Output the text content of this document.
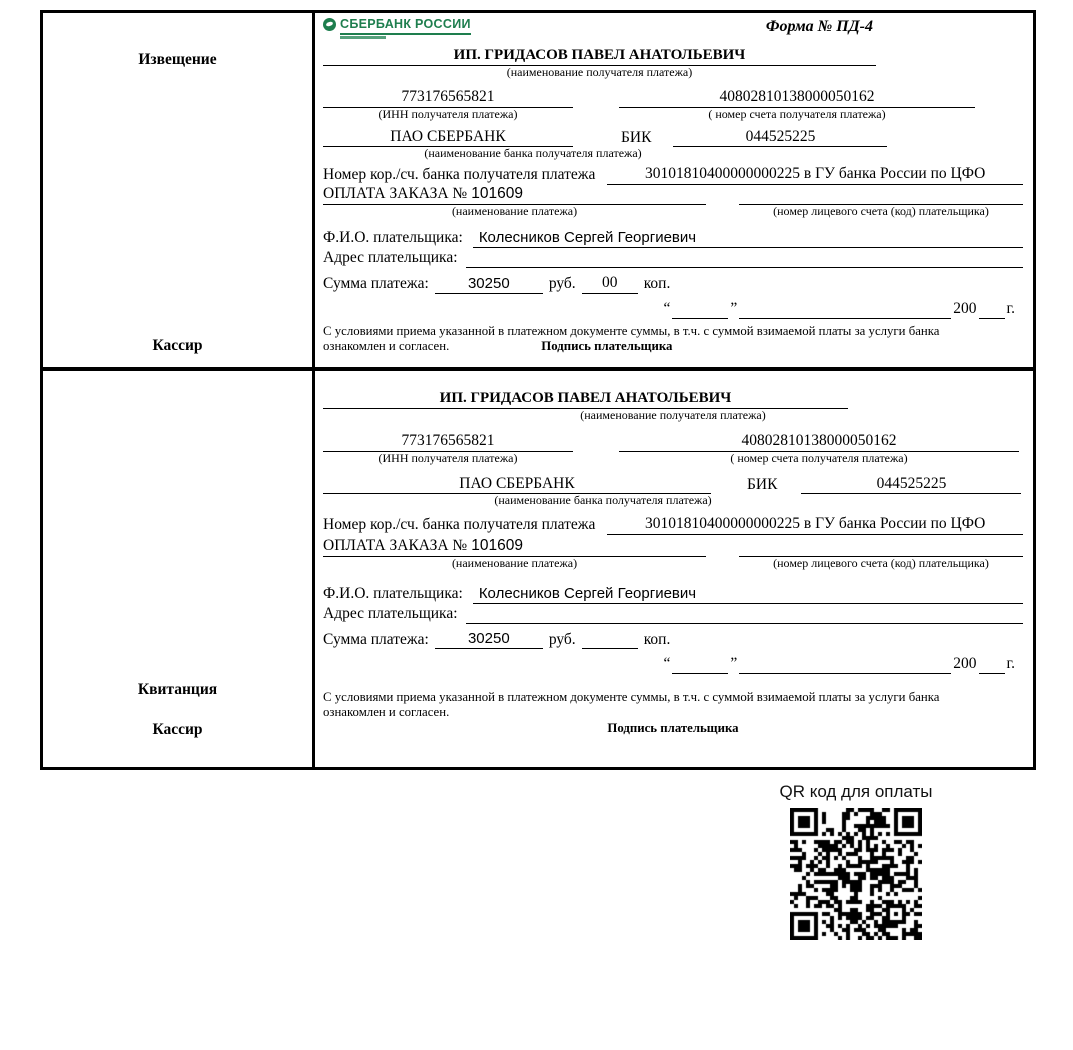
Извещение
Кассир
СБЕРБАНК РОССИИ	Форма № ПД-4
ИП. ГРИДАСОВ ПАВЕЛ АНАТОЛЬЕВИЧ
(наименование получателя платежа)
773176565821	40802810138000050162
(ИНН получателя платежа)	( номер счета получателя платежа)
ПАО СБЕРБАНК	БИК	044525225
(наименование банка получателя платежа)
Номер кор./сч. банка получателя платежа	30101810400000000225 в ГУ банка России по ЦФО
ОПЛАТА ЗАКАЗА № 101609
(наименование платежа)	(номер лицевого счета (код) плательщика)
Ф.И.О. плательщика:	Колесников Сергей Георгиевич
Адрес плательщика:
Сумма платежа:	30250	руб.	00	коп.
“	”	200 г.
С условиями приема указанной в платежном документе суммы, в т.ч. с суммой взимаемой платы за услуги банка
ознакомлен и согласен.	Подпись плательщика
Квитанция
Кассир
ИП. ГРИДАСОВ ПАВЕЛ АНАТОЛЬЕВИЧ
(наименование получателя платежа)
773176565821	40802810138000050162
(ИНН получателя платежа)	( номер счета получателя платежа)
ПАО СБЕРБАНК	БИК	044525225
(наименование банка получателя платежа)
Номер кор./сч. банка получателя платежа	30101810400000000225 в ГУ банка России по ЦФО
ОПЛАТА ЗАКАЗА № 101609
(наименование платежа)	(номер лицевого счета (код) плательщика)
Ф.И.О. плательщика:	Колесников Сергей Георгиевич
Адрес плательщика:
Сумма платежа:	30250	руб.	коп.
“	”	200 г.
С условиями приема указанной в платежном документе суммы, в т.ч. с суммой взимаемой платы за услуги банка
ознакомлен и согласен.
Подпись плательщика
QR код для оплаты
